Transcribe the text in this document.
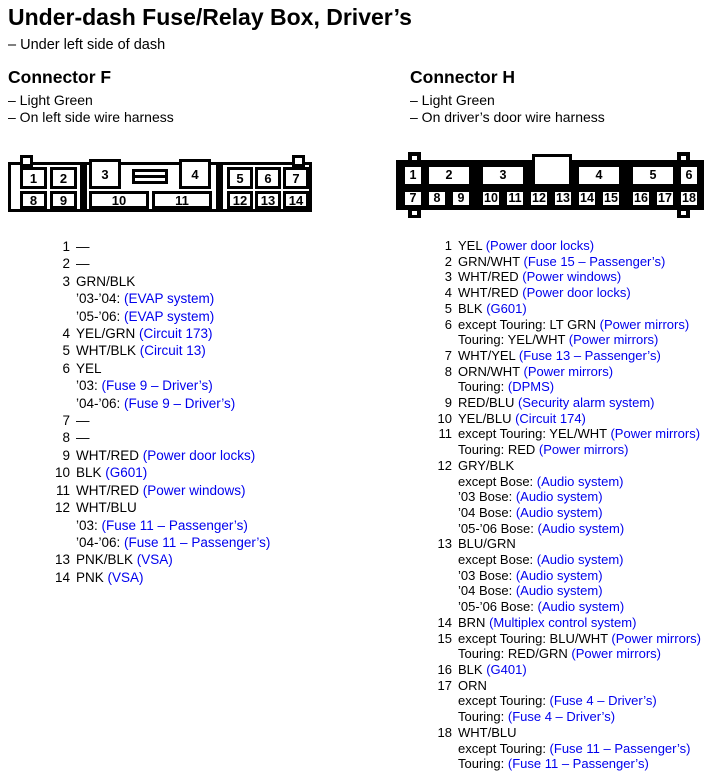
Under-dash Fuse/Relay Box, Driver’s
– Under left side of dash
Connector F
– Light Green
– On left side wire harness
1	2	3	4	5	6	7
8	9	10	11	12	13	14
1 —
2 —
3 GRN/BLK
’03-’04: (EVAP system)
’05-’06: (EVAP system)
4 YEL/GRN (Circuit 173)
5 WHT/BLK (Circuit 13)
6 YEL
’03: (Fuse 9 – Driver’s)
’04-’06: (Fuse 9 – Driver’s)
7 —
8 —
9 WHT/RED (Power door locks)
10 BLK (G601)
11 WHT/RED (Power windows)
12 WHT/BLU
’03: (Fuse 11 – Passenger’s)
’04-’06: (Fuse 11 – Passenger’s)
13 PNK/BLK (VSA)
14 PNK (VSA)
Connector H
– Light Green
– On driver’s door wire harness
1	2	3	4	5	6
7	8	9	10 11 12 13 14 15	16 17 18
1 YEL (Power door locks)
2 GRN/WHT (Fuse 15 – Passenger’s)
3 WHT/RED (Power windows)
4 WHT/RED (Power door locks)
5 BLK (G601)
6 except Touring: LT GRN (Power mirrors)
Touring: YEL/WHT (Power mirrors)
7 WHT/YEL (Fuse 13 – Passenger’s)
8 ORN/WHT (Power mirrors)
Touring: (DPMS)
9 RED/BLU (Security alarm system)
10 YEL/BLU (Circuit 174)
11 except Touring: YEL/WHT (Power mirrors)
Touring: RED (Power mirrors)
12 GRY/BLK
except Bose: (Audio system)
’03 Bose: (Audio system)
’04 Bose: (Audio system)
’05-’06 Bose: (Audio system)
13 BLU/GRN
except Bose: (Audio system)
’03 Bose: (Audio system)
’04 Bose: (Audio system)
’05-’06 Bose: (Audio system)
14 BRN (Multiplex control system)
15 except Touring: BLU/WHT (Power mirrors)
Touring: RED/GRN (Power mirrors)
16 BLK (G401)
17 ORN
except Touring: (Fuse 4 – Driver’s)
Touring: (Fuse 4 – Driver’s)
18 WHT/BLU
except Touring: (Fuse 11 – Passenger’s)
Touring: (Fuse 11 – Passenger’s)
